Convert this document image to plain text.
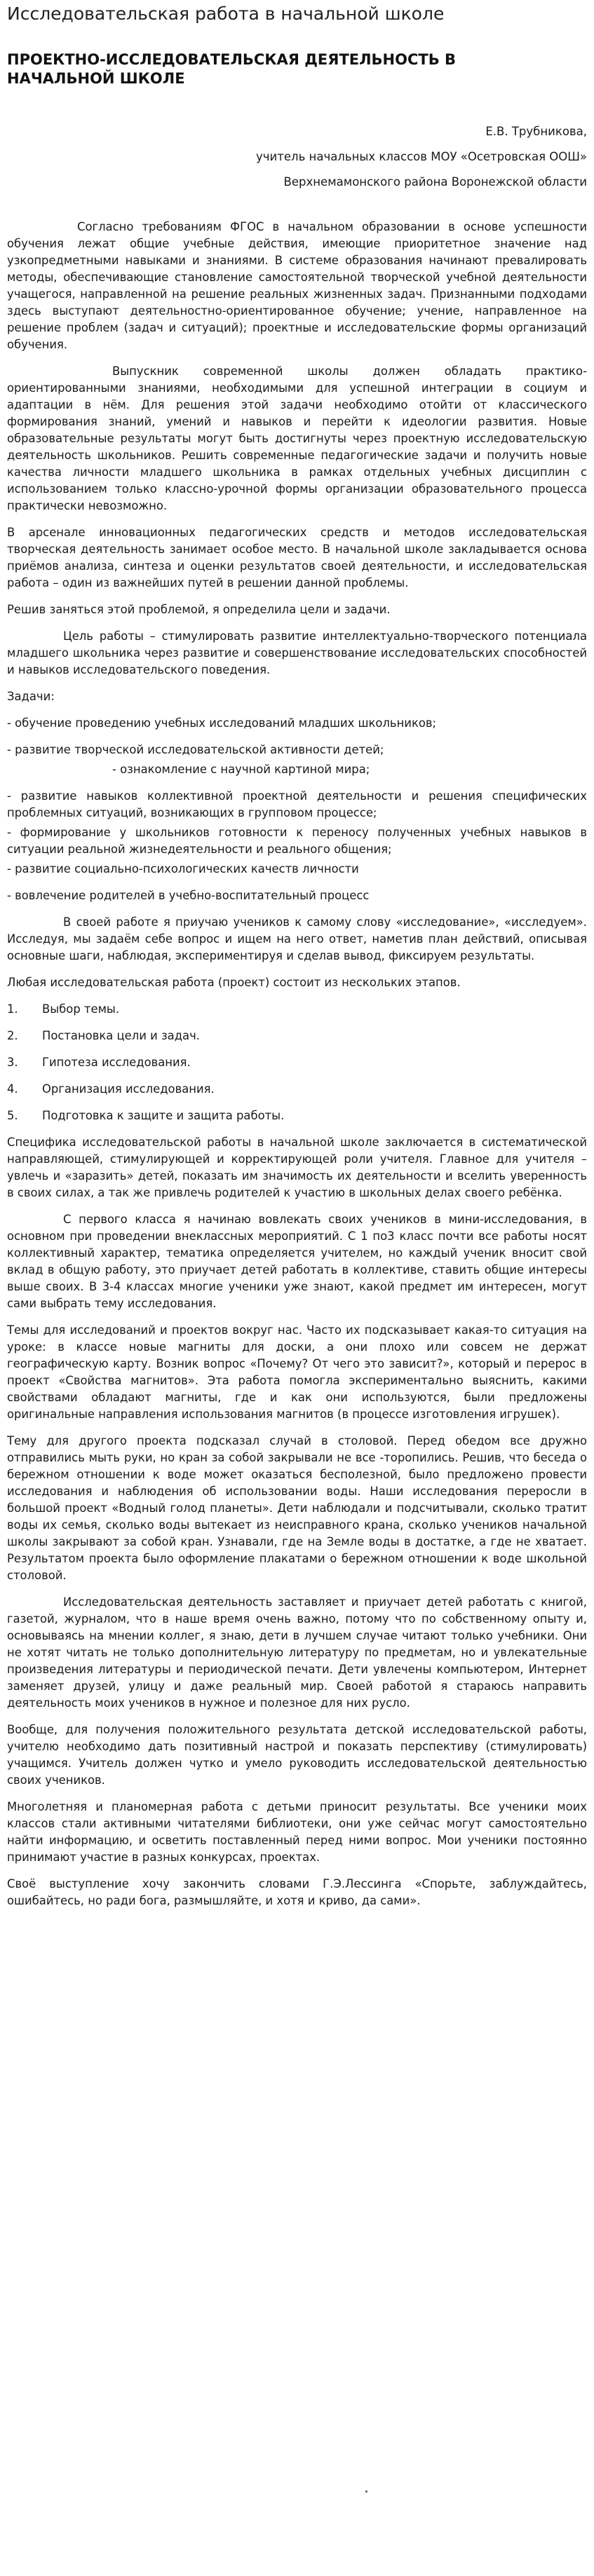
Исследовательская работа в начальной школе
ПРОЕКТНО-ИССЛЕДОВАТЕЛЬСКАЯ ДЕЯТЕЛЬНОСТЬ В НАЧАЛЬНОЙ ШКОЛЕ
Е.В. Трубникова,
учитель начальных классов МОУ «Осетровская ООШ»
Верхнемамонского района Воронежской области

Согласно требованиям ФГОС в начальном образовании в основе успешности обучения лежат общие учебные действия, имеющие приоритетное значение над узкопредметными навыками и знаниями. В системе образования начинают превалировать методы, обеспечивающие становление самостоятельной творческой учебной деятельности учащегося, направленной на решение реальных жизненных задач. Признанными подходами здесь выступают деятельностно-ориентированное обучение; учение, направленное на решение проблем (задач и ситуаций); проектные и исследовательские формы организаций обучения.

Выпускник современной школы должен обладать практико-ориентированными знаниями, необходимыми для успешной интеграции в социум и адаптации в нём. Для решения этой задачи необходимо отойти от классического формирования знаний, умений и навыков и перейти к идеологии развития. Новые образовательные результаты могут быть достигнуты через проектную исследовательскую деятельность школьников. Решить современные педагогические задачи и получить новые качества личности младшего школьника в рамках отдельных учебных дисциплин с использованием только классно-урочной формы организации образовательного процесса практически невозможно.

В арсенале инновационных педагогических средств и методов исследовательская творческая деятельность занимает особое место. В начальной школе закладывается основа приёмов анализа, синтеза и оценки результатов своей деятельности, и исследовательская работа – один из важнейших путей в решении данной проблемы.

Решив заняться этой проблемой, я определила цели и задачи.

Цель работы – стимулировать развитие интеллектуально-творческого потенциала младшего школьника через развитие и совершенствование исследовательских способностей и навыков исследовательского поведения.

Задачи:

- обучение проведению учебных исследований младших школьников;

- развитие творческой исследовательской активности детей;

- ознакомление с научной картиной мира;

- развитие навыков коллективной проектной деятельности и решения специфических проблемных ситуаций, возникающих в групповом процессе;

- формирование у школьников готовности к переносу полученных учебных навыков в ситуации реальной жизнедеятельности и реального общения;

- развитие социально-психологических качеств личности

- вовлечение родителей в учебно-воспитательный процесс

В своей работе я приучаю учеников к самому слову «исследование», «исследуем». Исследуя, мы задаём себе вопрос и ищем на него ответ, наметив план действий, описывая основные шаги, наблюдая, экспериментируя и сделав вывод, фиксируем результаты.

Любая исследовательская работа (проект) состоит из нескольких этапов.

1.	Выбор темы.
2.	Постановка цели и задач.
3.	Гипотеза исследования.
4.	Организация исследования.
5.	Подготовка к защите и защита работы.

Специфика исследовательской работы в начальной школе заключается в систематической направляющей, стимулирующей и корректирующей роли учителя. Главное для учителя – увлечь и «заразить» детей, показать им значимость их деятельности и вселить уверенность в своих силах, а так же привлечь родителей к участию в школьных делах своего ребёнка.

С первого класса я начинаю вовлекать своих учеников в мини-исследования, в основном при проведении внеклассных мероприятий. С 1 по3 класс почти все работы носят коллективный характер, тематика определяется учителем, но каждый ученик вносит свой вклад в общую работу, это приучает детей работать в коллективе, ставить общие интересы выше своих. В 3-4 классах многие ученики уже знают, какой предмет им интересен, могут сами выбрать тему исследования.

Темы для исследований и проектов вокруг нас. Часто их подсказывает какая-то ситуация на уроке: в классе новые магниты для доски, а они плохо или совсем не держат географическую карту. Возник вопрос «Почему? От чего это зависит?», который и перерос в проект «Свойства магнитов». Эта работа помогла экспериментально выяснить, какими свойствами обладают магниты, где и как они используются, были предложены оригинальные направления использования магнитов (в процессе изготовления игрушек).

Тему для другого проекта подсказал случай в столовой. Перед обедом все дружно отправились мыть руки, но кран за собой закрывали не все -торопились. Решив, что беседа о бережном отношении к воде может оказаться бесполезной, было предложено провести исследования и наблюдения об использовании воды. Наши исследования переросли в большой проект «Водный голод планеты». Дети наблюдали и подсчитывали, сколько тратит воды их семья, сколько воды вытекает из неисправного крана, сколько учеников начальной школы закрывают за собой кран. Узнавали, где на Земле воды в достатке, а где не хватает. Результатом проекта было оформление плакатами о бережном отношении к воде школьной столовой.

Исследовательская деятельность заставляет и приучает детей работать с книгой, газетой, журналом, что в наше время очень важно, потому что по собственному опыту и, основываясь на мнении коллег, я знаю, дети в лучшем случае читают только учебники. Они не хотят читать не только дополнительную литературу по предметам, но и увлекательные произведения литературы и периодической печати. Дети увлечены компьютером, Интернет заменяет друзей, улицу и даже реальный мир. Своей работой я стараюсь направить деятельность моих учеников в нужное и полезное для них русло.

Вообще, для получения положительного результата детской исследовательской работы, учителю необходимо дать позитивный настрой и показать перспективу (стимулировать) учащимся. Учитель должен чутко и умело руководить исследовательской деятельностью своих учеников.

Многолетняя и планомерная работа с детьми приносит результаты. Все ученики моих классов стали активными читателями библиотеки, они уже сейчас могут самостоятельно найти информацию, и осветить поставленный перед ними вопрос. Мои ученики постоянно принимают участие в разных конкурсах, проектах.

Своё выступление хочу закончить словами Г.Э.Лессинга «Спорьте, заблуждайтесь, ошибайтесь, но ради бога, размышляйте, и хотя и криво, да сами».
